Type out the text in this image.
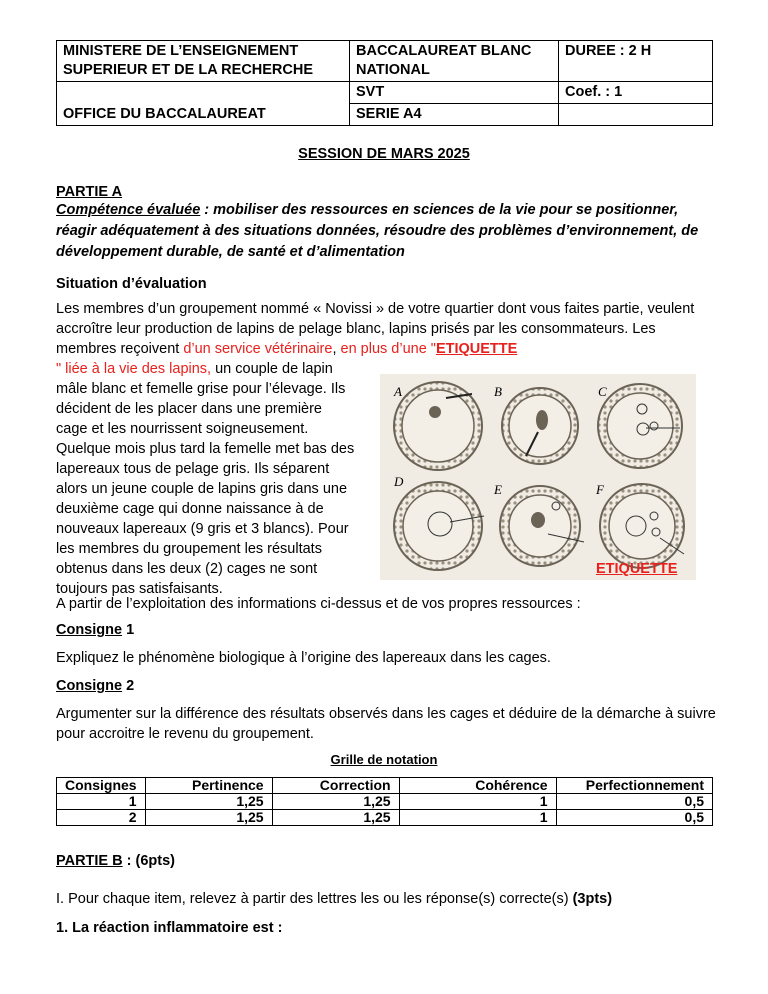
MINISTERE DE L’ENSEIGNEMENT SUPERIEUR ET DE LA RECHERCHE	BACCALAUREAT BLANC NATIONAL	DUREE : 2 H
OFFICE DU BACCALAUREAT	SVT	Coef. : 1
	SERIE A4	
SESSION DE MARS 2025
PARTIE A
Compétence évaluée : mobiliser des ressources en sciences de la vie pour se positionner, réagir adéquatement à des situations données, résoudre des problèmes d’environnement, de développement durable, de santé et d’alimentation
Situation d’évaluation
Les membres d’un groupement nommé « Novissi » de votre quartier dont vous faites partie, veulent accroître leur production de lapins de pelage blanc, lapins prisés par les consommateurs. Les membres reçoivent d’un service vétérinaire, en plus d’une "ETIQUETTE
" liée à la vie des lapins, un couple de lapin mâle blanc et femelle grise pour l’élevage. Ils décident de les placer dans une première cage et les nourrissent soigneusement. Quelque mois plus tard la femelle met bas des lapereaux tous de pelage gris. Ils séparent alors un jeune couple de lapins gris dans une deuxième cage qui donne naissance à de nouveaux lapereaux (9 gris et 3 blancs). Pour les membres du groupement les résultats obtenus dans les deux (2) cages ne sont toujours pas satisfaisants.
A	B	C
D
E	F
ETIQUETTE
A partir de l’exploitation des informations ci-dessus et de vos propres ressources :
Consigne 1
Expliquez le phénomène biologique à l’origine des lapereaux dans les cages.
Consigne 2
Argumenter sur la différence des résultats observés dans les cages et déduire de la démarche à suivre pour accroitre le revenu du groupement.
Grille de notation
Consignes	Pertinence	Correction	Cohérence	Perfectionnement
1	1,25	1,25	1	0,5
2	1,25	1,25	1	0,5
PARTIE B : (6pts)
I. Pour chaque item, relevez à partir des lettres les ou les réponse(s) correcte(s) (3pts)
1. La réaction inflammatoire est :
